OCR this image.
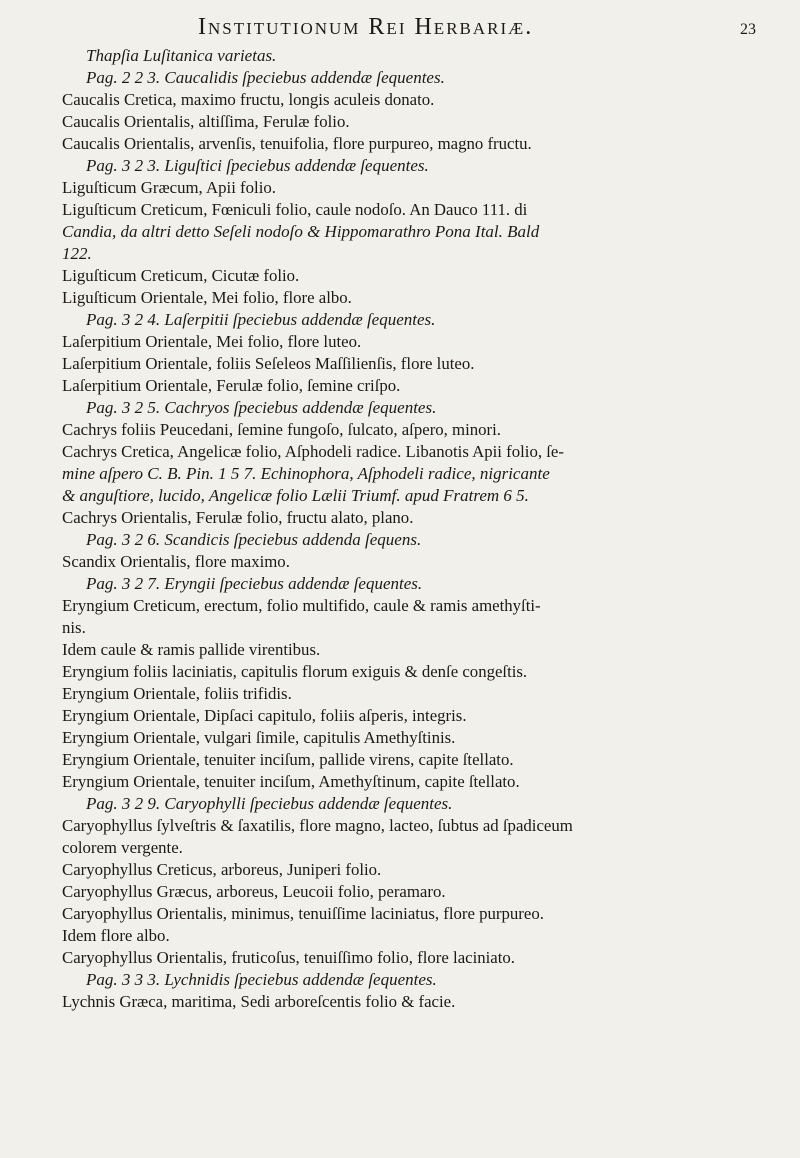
Institutionum Rei Herbariæ.	23
Thapſia Luſitanica varietas.
Pag. 2 2 3. Caucalidis ſpeciebus addendæ ſequentes.
Caucalis Cretica, maximo fructu, longis aculeis donato.
Caucalis Orientalis, altiſſima, Ferulæ folio.
Caucalis Orientalis, arvenſis, tenuifolia, flore purpureo, magno fructu.
Pag. 3 2 3. Liguſtici ſpeciebus addendæ ſequentes.
Liguſticum Græcum, Apii folio.
Liguſticum Creticum, Fœniculi folio, caule nodoſo. An Dauco 111. di
Candia, da altri detto Seſeli nodoſo & Hippomarathro Pona Ital. Bald
122.
Liguſticum Creticum, Cicutæ folio.
Liguſticum Orientale, Mei folio, flore albo.
Pag. 3 2 4. Laſerpitii ſpeciebus addendæ ſequentes.
Laſerpitium Orientale, Mei folio, flore luteo.
Laſerpitium Orientale, foliis Seſeleos Maſſilienſis, flore luteo.
Laſerpitium Orientale, Ferulæ folio, ſemine criſpo.
Pag. 3 2 5. Cachryos ſpeciebus addendæ ſequentes.
Cachrys foliis Peucedani, ſemine fungoſo, ſulcato, aſpero, minori.
Cachrys Cretica, Angelicæ folio, Aſphodeli radice. Libanotis Apii folio, ſe-
mine aſpero C. B. Pin. 1 5 7. Echinophora, Aſphodeli radice, nigricante
& anguſtiore, lucido, Angelicæ folio Lælii Triumf. apud Fratrem 6 5.
Cachrys Orientalis, Ferulæ folio, fructu alato, plano.
Pag. 3 2 6. Scandicis ſpeciebus addenda ſequens.
Scandix Orientalis, flore maximo.
Pag. 3 2 7. Eryngii ſpeciebus addendæ ſequentes.
Eryngium Creticum, erectum, folio multifido, caule & ramis amethyſti-
nis.
Idem caule & ramis pallide virentibus.
Eryngium foliis laciniatis, capitulis florum exiguis & denſe congeſtis.
Eryngium Orientale, foliis trifidis.
Eryngium Orientale, Dipſaci capitulo, foliis aſperis, integris.
Eryngium Orientale, vulgari ſimile, capitulis Amethyſtinis.
Eryngium Orientale, tenuiter inciſum, pallide virens, capite ſtellato.
Eryngium Orientale, tenuiter inciſum, Amethyſtinum, capite ſtellato.
Pag. 3 2 9. Caryophylli ſpeciebus addendæ ſequentes.
Caryophyllus ſylveſtris & ſaxatilis, flore magno, lacteo, ſubtus ad ſpadiceum
colorem vergente.
Caryophyllus Creticus, arboreus, Juniperi folio.
Caryophyllus Græcus, arboreus, Leucoii folio, peramaro.
Caryophyllus Orientalis, minimus, tenuiſſime laciniatus, flore purpureo.
Idem flore albo.
Caryophyllus Orientalis, fruticoſus, tenuiſſimo folio, flore laciniato.
Pag. 3 3 3. Lychnidis ſpeciebus addendæ ſequentes.
Lychnis Græca, maritima, Sedi arboreſcentis folio & facie.
